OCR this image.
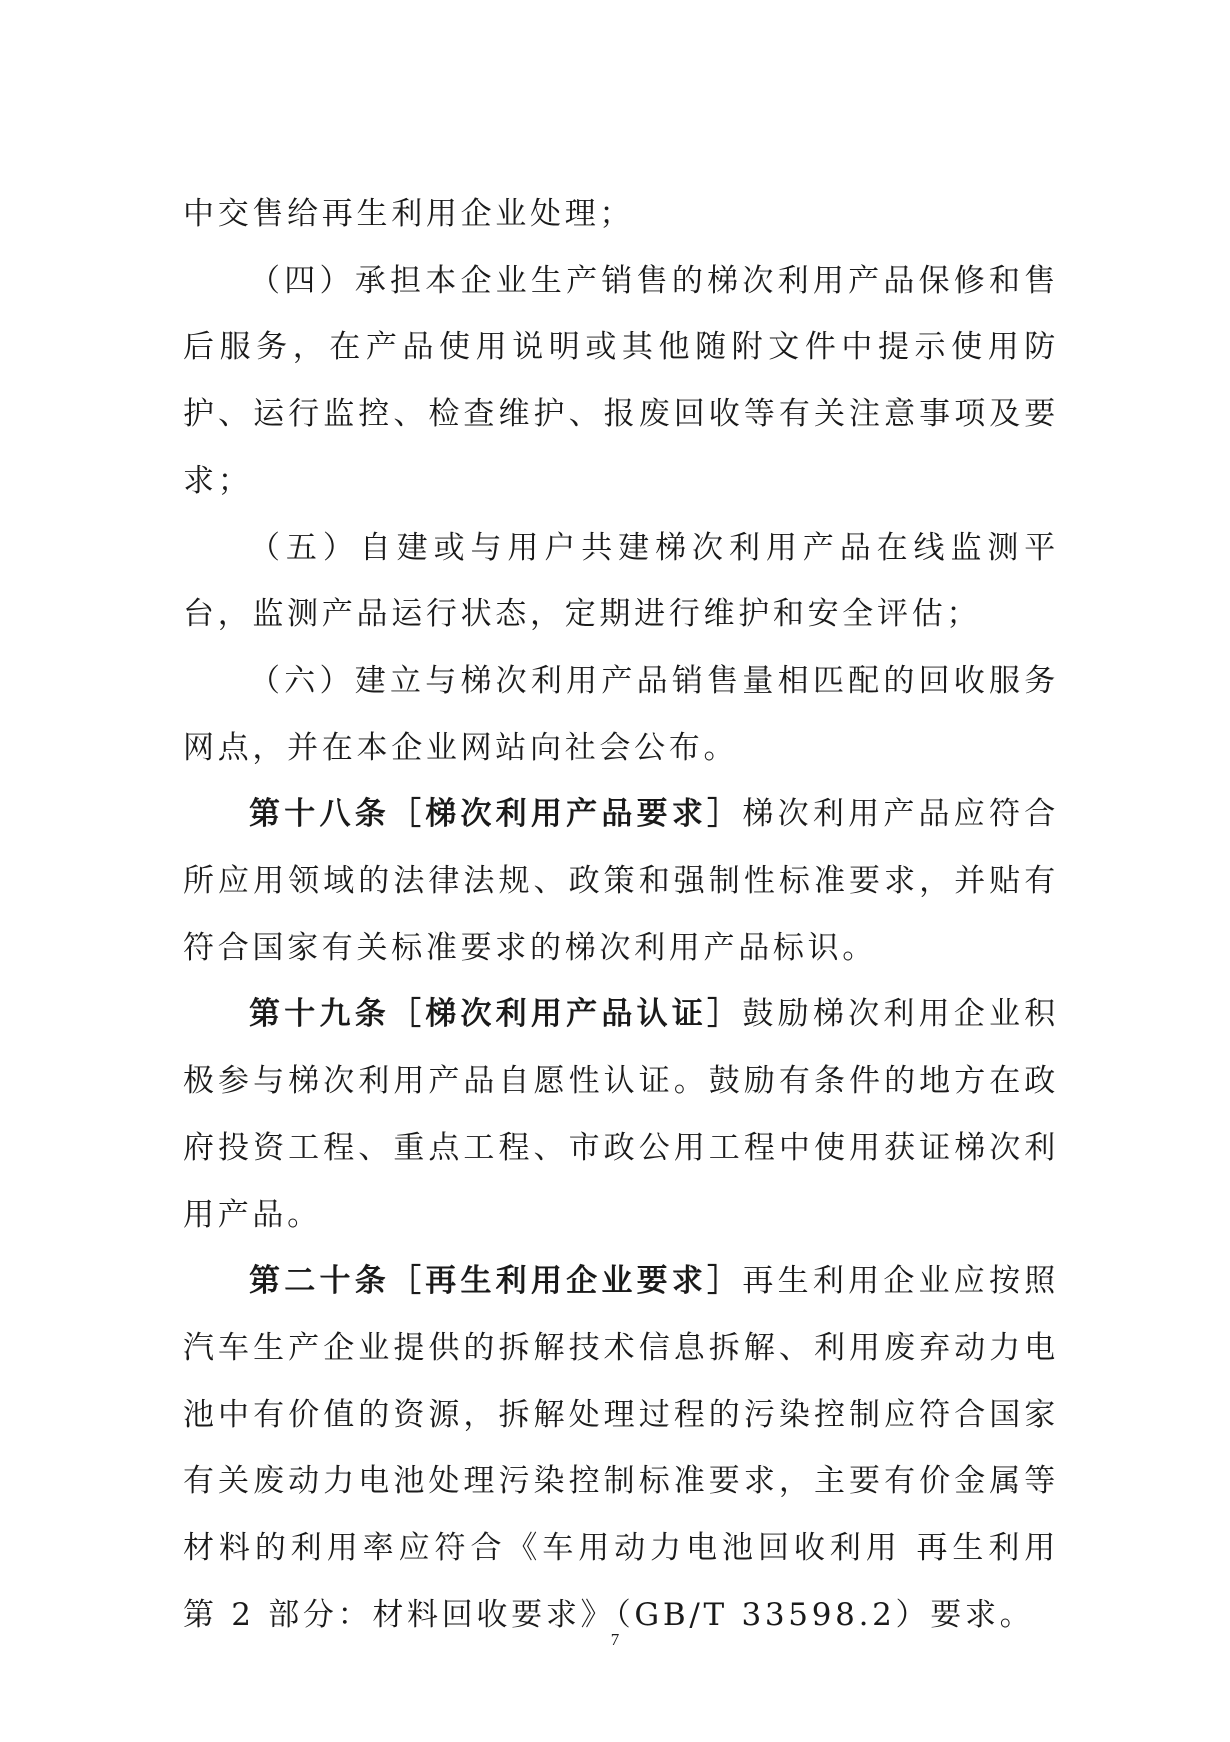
中交售给再生利用企业处理；

（四）承担本企业生产销售的梯次利用产品保修和售后服务，在产品使用说明或其他随附文件中提示使用防护、运行监控、检查维护、报废回收等有关注意事项及要求；

（五）自建或与用户共建梯次利用产品在线监测平台，监测产品运行状态，定期进行维护和安全评估；

（六）建立与梯次利用产品销售量相匹配的回收服务网点，并在本企业网站向社会公布。

第十八条［梯次利用产品要求］梯次利用产品应符合所应用领域的法律法规、政策和强制性标准要求，并贴有符合国家有关标准要求的梯次利用产品标识。

第十九条［梯次利用产品认证］鼓励梯次利用企业积极参与梯次利用产品自愿性认证。鼓励有条件的地方在政府投资工程、重点工程、市政公用工程中使用获证梯次利用产品。

第二十条［再生利用企业要求］再生利用企业应按照汽车生产企业提供的拆解技术信息拆解、利用废弃动力电池中有价值的资源，拆解处理过程的污染控制应符合国家有关废动力电池处理污染控制标准要求，主要有价金属等材料的利用率应符合《车用动力电池回收利用 再生利用 第 2 部分：材料回收要求》（GB/T 33598.2）要求。

7
